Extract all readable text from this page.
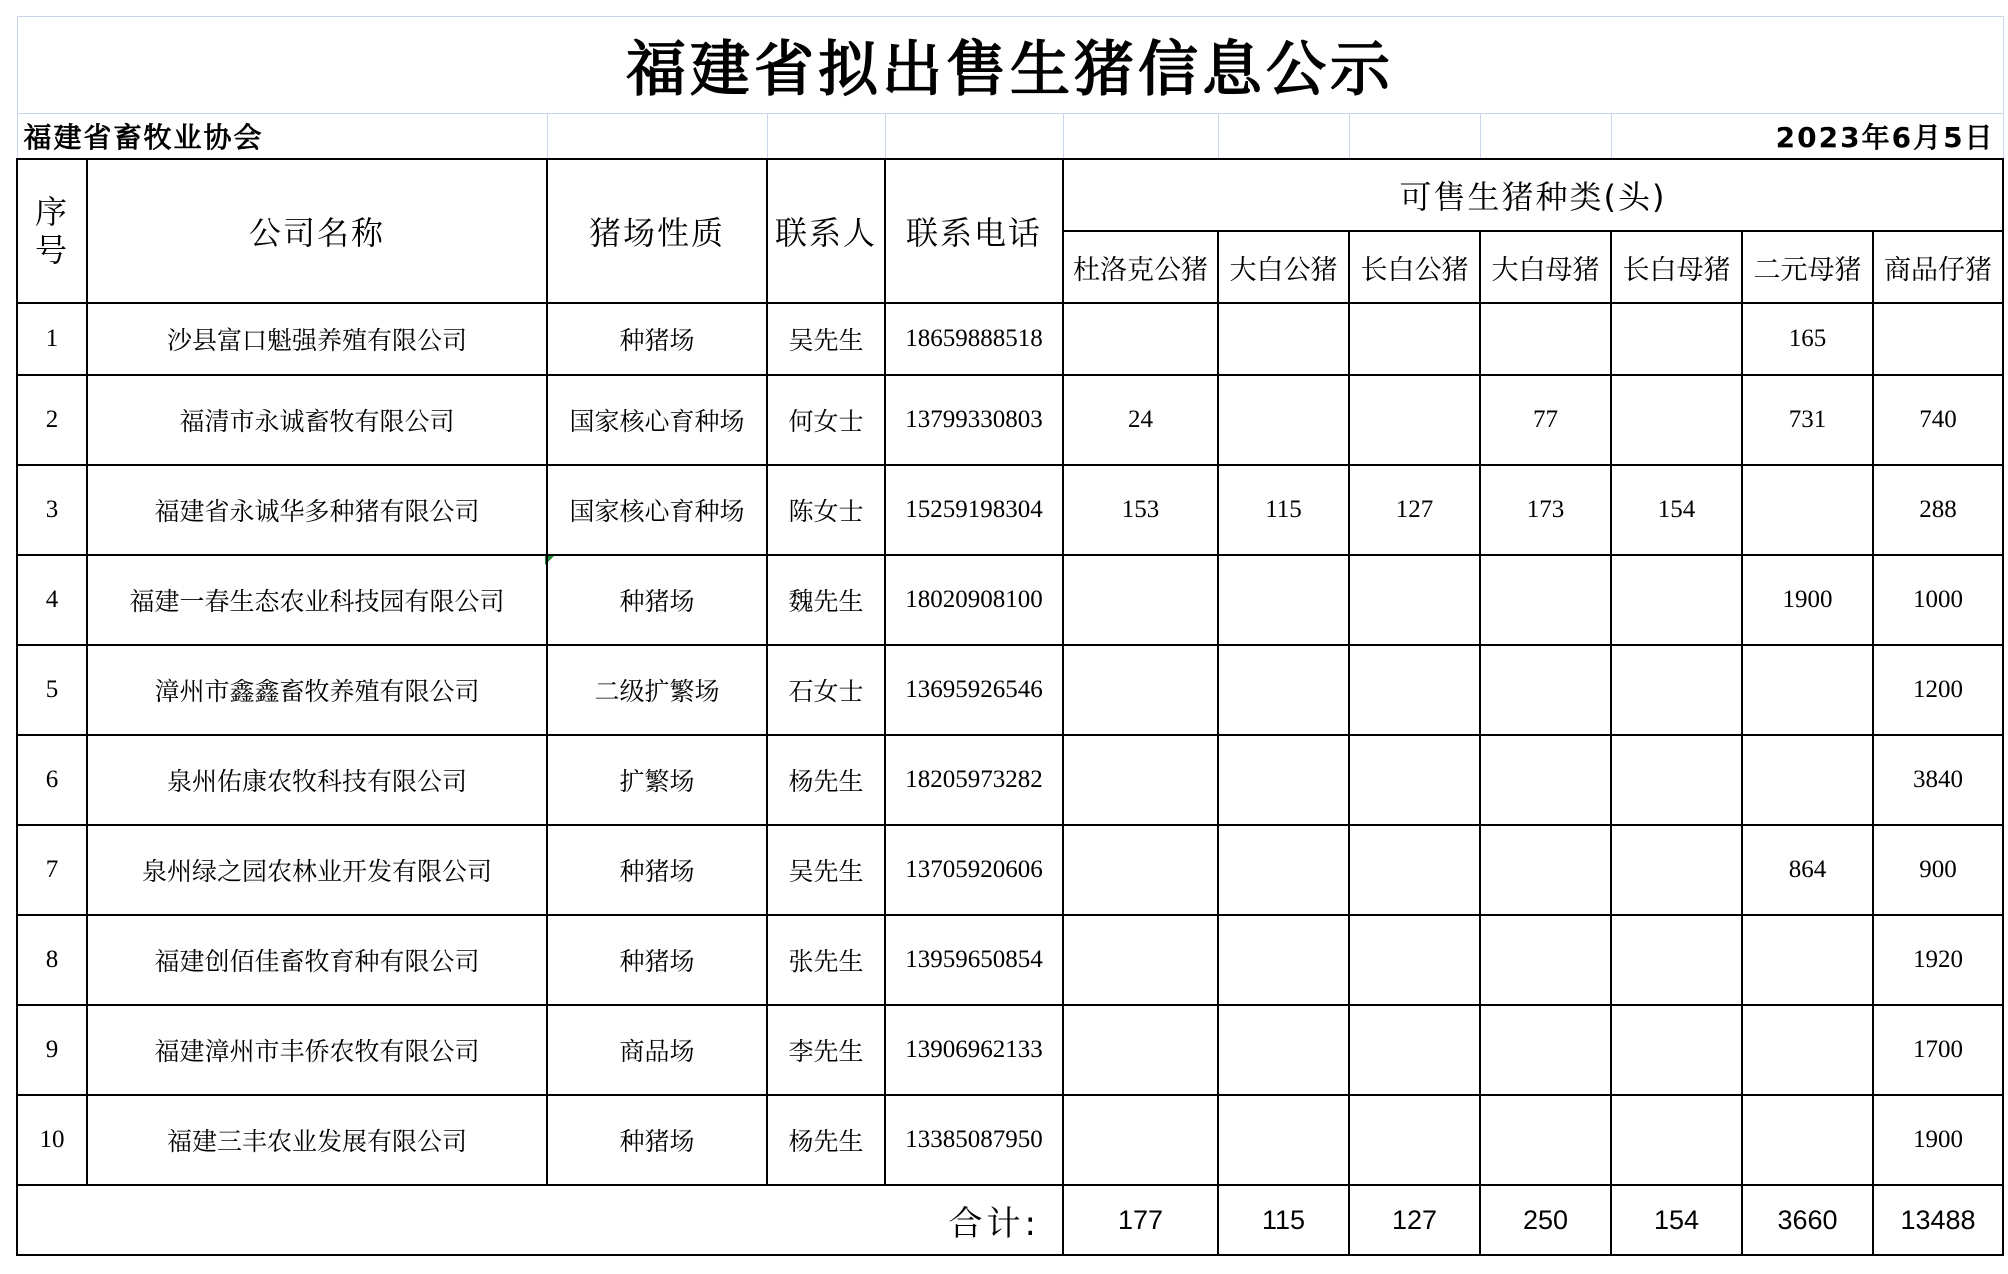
福建省拟出售生猪信息公示											
福建省畜牧业协会									2023年6月5日		
序
号	公司名称	猪场性质	联系人	联系电话	可售生猪种类(头)						
					杜洛克公猪	大白公猪	长白公猪	大白母猪	长白母猪	二元母猪	商品仔猪
1	沙县富口魁强养殖有限公司	种猪场	吴先生	18659888518						165	
2	福清市永诚畜牧有限公司	国家核心育种场	何女士	13799330803	24			77		731	740
3	福建省永诚华多种猪有限公司	国家核心育种场	陈女士	15259198304	153	115	127	173	154		288
4	福建一春生态农业科技园有限公司	种猪场	魏先生	18020908100						1900	1000
5	漳州市鑫鑫畜牧养殖有限公司	二级扩繁场	石女士	13695926546							1200
6	泉州佑康农牧科技有限公司	扩繁场	杨先生	18205973282							3840
7	泉州绿之园农林业开发有限公司	种猪场	吴先生	13705920606						864	900
8	福建创佰佳畜牧育种有限公司	种猪场	张先生	13959650854							1920
9	福建漳州市丰侨农牧有限公司	商品场	李先生	13906962133							1700
10	福建三丰农业发展有限公司	种猪场	杨先生	13385087950							1900
合计:					177	115	127	250	154	3660	13488
